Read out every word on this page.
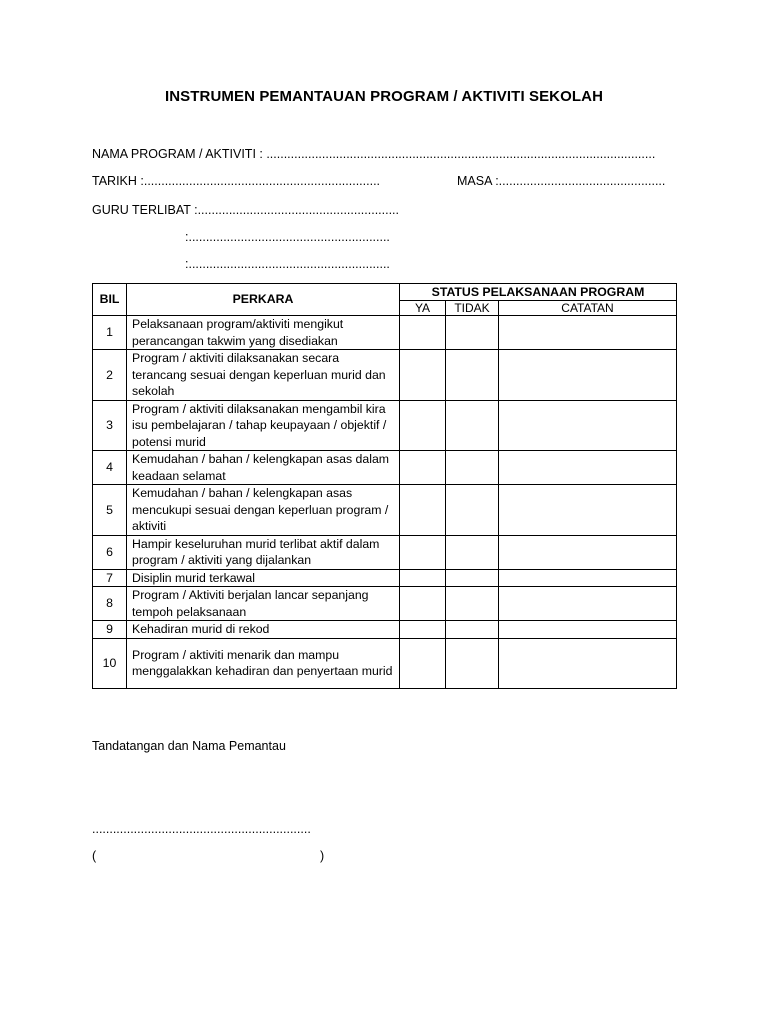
INSTRUMEN PEMANTAUAN PROGRAM / AKTIVITI SEKOLAH
NAMA PROGRAM / AKTIVITI : ................................................................................................................
TARIKH :....................................................................	MASA :................................................
GURU TERLIBAT :..........................................................
:..........................................................
:..........................................................
BIL	PERKARA	STATUS PELAKSANAAN PROGRAM		
		YA	TIDAK	CATATAN
1	Pelaksanaan program/aktiviti mengikut perancangan takwim yang disediakan			
2	Program / aktiviti dilaksanakan secara terancang sesuai dengan keperluan murid dan sekolah			
3	Program / aktiviti dilaksanakan mengambil kira isu pembelajaran / tahap keupayaan / objektif / potensi murid			
4	Kemudahan / bahan / kelengkapan asas dalam keadaan selamat			
5	Kemudahan / bahan / kelengkapan asas mencukupi sesuai dengan keperluan program / aktiviti			
6	Hampir keseluruhan murid terlibat aktif dalam program / aktiviti yang dijalankan			
7	Disiplin murid terkawal			
8	Program / Aktiviti berjalan lancar sepanjang tempoh pelaksanaan			
9	Kehadiran murid di rekod			
10	Program / aktiviti menarik dan mampu menggalakkan kehadiran dan penyertaan murid			
Tandatangan dan Nama Pemantau
...............................................................
(	)
